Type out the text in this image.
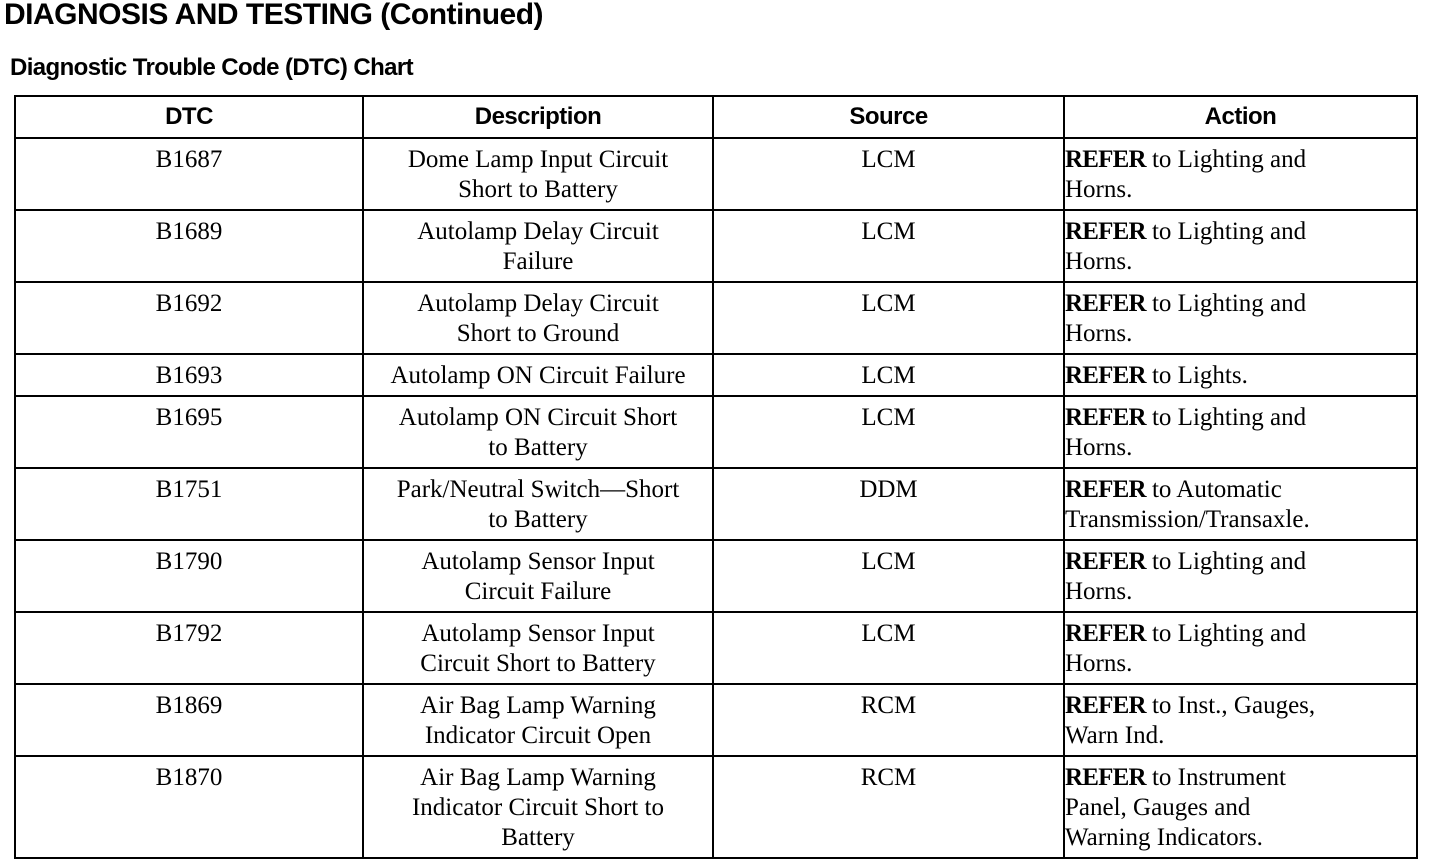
DIAGNOSIS AND TESTING (Continued)
Diagnostic Trouble Code (DTC) Chart
DTC	Description	Source	Action
B1687	Dome Lamp Input Circuit
Short to Battery	LCM	REFER to Lighting and
Horns.
B1689	Autolamp Delay Circuit
Failure	LCM	REFER to Lighting and
Horns.
B1692	Autolamp Delay Circuit
Short to Ground	LCM	REFER to Lighting and
Horns.
B1693	Autolamp ON Circuit Failure	LCM	REFER to Lights.
B1695	Autolamp ON Circuit Short
to Battery	LCM	REFER to Lighting and
Horns.
B1751	Park/Neutral Switch—Short
to Battery	DDM	REFER to Automatic
Transmission/Transaxle.
B1790	Autolamp Sensor Input
Circuit Failure	LCM	REFER to Lighting and
Horns.
B1792	Autolamp Sensor Input
Circuit Short to Battery	LCM	REFER to Lighting and
Horns.
B1869	Air Bag Lamp Warning
Indicator Circuit Open	RCM	REFER to Inst., Gauges,
Warn Ind.
B1870	Air Bag Lamp Warning
Indicator Circuit Short to
Battery	RCM	REFER to Instrument
Panel, Gauges and
Warning Indicators.
